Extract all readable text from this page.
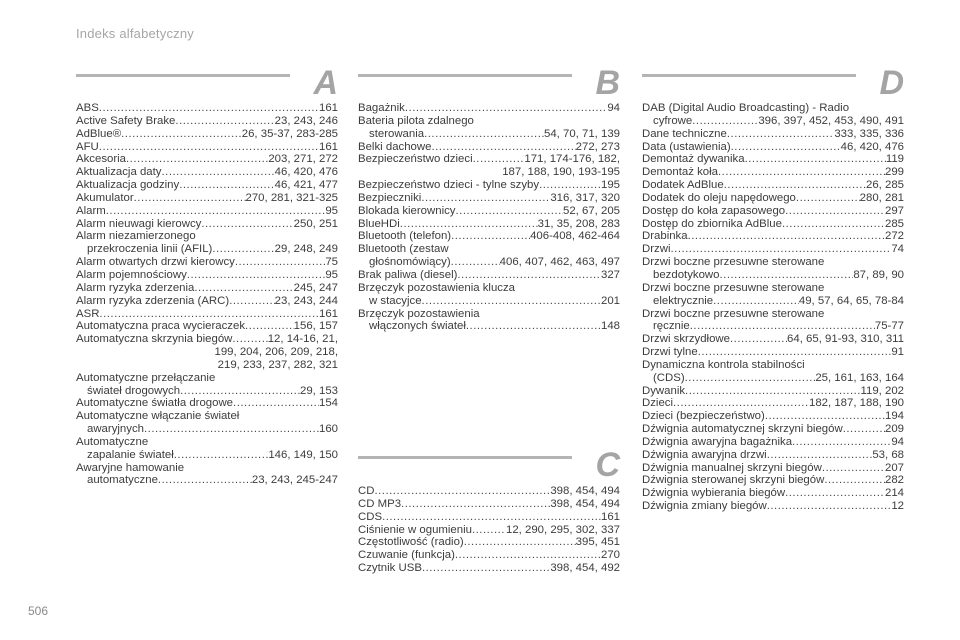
Indeks alfabetyczny
A
ABS .....	161
Active Safety Brake .....	23, 243, 246
AdBlue® .....	26, 35-37, 283-285
AFU .....	161
Akcesoria .....	203, 271, 272
Aktualizacja daty .....	46, 420, 476
Aktualizacja godziny .....	46, 421, 477
Akumulator .....	270, 281, 321-325
Alarm .....	95
Alarm nieuwagi kierowcy .....	250, 251
Alarm niezamierzonego
przekroczenia linii (AFIL) .....	29, 248, 249
Alarm otwartych drzwi kierowcy .....	75
Alarm pojemnościowy .....	95
Alarm ryzyka zderzenia .....	245, 247
Alarm ryzyka zderzenia (ARC) .....	23, 243, 244
ASR .....	161
Automatyczna praca wycieraczek .....	156, 157
Automatyczna skrzynia biegów .....	12, 14-16, 21,
199, 204, 206, 209, 218,
219, 233, 237, 282, 321
Automatyczne przełączanie
świateł drogowych .....	29, 153
Automatyczne światła drogowe .....	154
Automatyczne włączanie świateł
awaryjnych .....	160
Automatyczne
zapalanie świateł .....	146, 149, 150
Awaryjne hamowanie
automatyczne .....	23, 243, 245-247
B
Bagażnik .....	94
Bateria pilota zdalnego
sterowania .....	54, 70, 71, 139
Belki dachowe .....	272, 273
Bezpieczeństwo dzieci .....	171, 174-176, 182,
187, 188, 190, 193-195
Bezpieczeństwo dzieci - tylne szyby .....	195
Bezpieczniki .....	316, 317, 320
Blokada kierownicy .....	52, 67, 205
BlueHDi .....	31, 35, 208, 283
Bluetooth (telefon) .....	406-408, 462-464
Bluetooth (zestaw
głośnomówiący) .....	406, 407, 462, 463, 497
Brak paliwa (diesel) .....	327
Brzęczyk pozostawienia klucza
w stacyjce .....	201
Brzęczyk pozostawienia
włączonych świateł .....	148
C
CD .....	398, 454, 494
CD MP3 .....	398, 454, 494
CDS .....	161
Ciśnienie w ogumieniu .....	12, 290, 295, 302, 337
Częstotliwość (radio) .....	395, 451
Czuwanie (funkcja) .....	270
Czytnik USB .....	398, 454, 492
D
DAB (Digital Audio Broadcasting) - Radio
cyfrowe .....	396, 397, 452, 453, 490, 491
Dane techniczne .....	333, 335, 336
Data (ustawienia) .....	46, 420, 476
Demontaż dywanika .....	119
Demontaż koła .....	299
Dodatek AdBlue .....	26, 285
Dodatek do oleju napędowego .....	280, 281
Dostęp do koła zapasowego .....	297
Dostęp do zbiornika AdBlue .....	285
Drabinka .....	272
Drzwi .....	74
Drzwi boczne przesuwne sterowane
bezdotykowo .....	87, 89, 90
Drzwi boczne przesuwne sterowane
elektrycznie .....	49, 57, 64, 65, 78-84
Drzwi boczne przesuwne sterowane
ręcznie .....	75-77
Drzwi skrzydłowe .....	64, 65, 91-93, 310, 311
Drzwi tylne .....	91
Dynamiczna kontrola stabilności
(CDS) .....	25, 161, 163, 164
Dywanik .....	119, 202
Dzieci .....	182, 187, 188, 190
Dzieci (bezpieczeństwo) .....	194
Dźwignia automatycznej skrzyni biegów .....	209
Dźwignia awaryjna bagażnika .....	94
Dźwignia awaryjna drzwi .....	53, 68
Dźwignia manualnej skrzyni biegów .....	207
Dźwignia sterowanej skrzyni biegów .....	282
Dźwignia wybierania biegów .....	214
Dźwignia zmiany biegów .....	12
506
